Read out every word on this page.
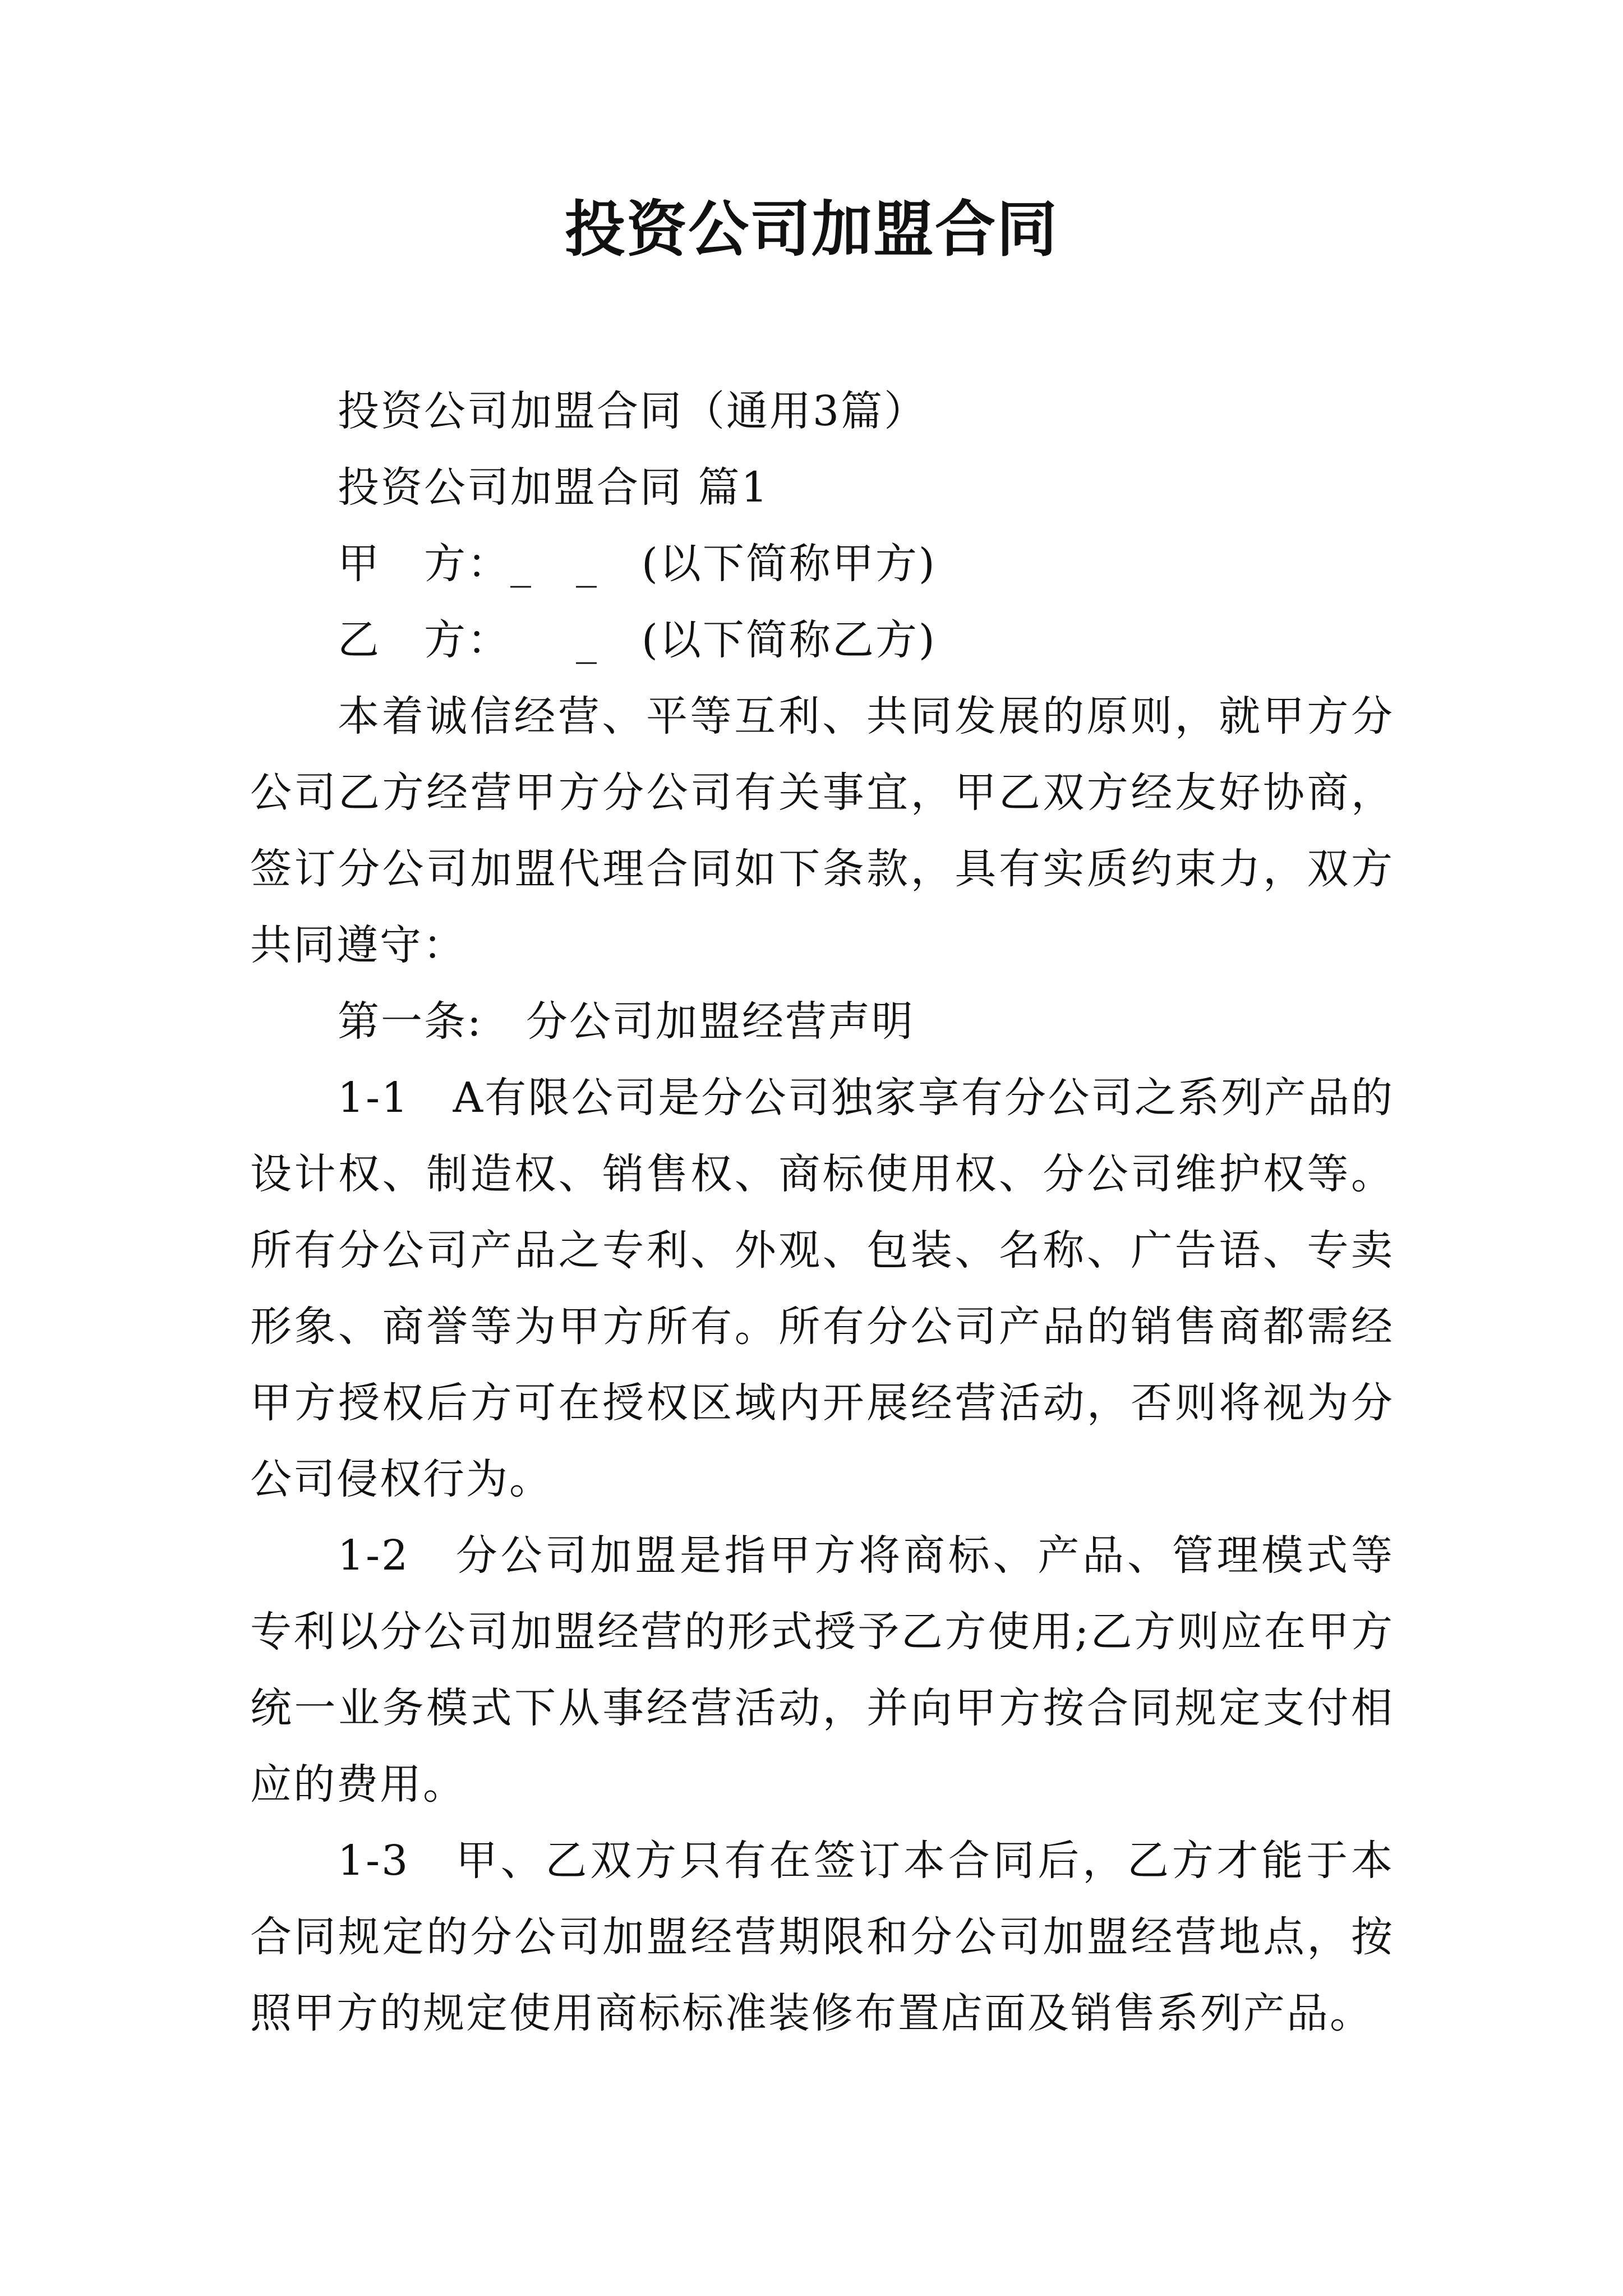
投资公司加盟合同

投资公司加盟合同（通用3篇）

投资公司加盟合同 篇1

甲　方：_　_　(以下简称甲方)

乙　方：　　_　(以下简称乙方)

本着诚信经营、平等互利、共同发展的原则，就甲方分公司乙方经营甲方分公司有关事宜，甲乙双方经友好协商，签订分公司加盟代理合同如下条款，具有实质约束力，双方共同遵守：

第一条:　分公司加盟经营声明

1-1　A有限公司是分公司独家享有分公司之系列产品的设计权、制造权、销售权、商标使用权、分公司维护权等。所有分公司产品之专利、外观、包装、名称、广告语、专卖形象、商誉等为甲方所有。所有分公司产品的销售商都需经甲方授权后方可在授权区域内开展经营活动，否则将视为分公司侵权行为。

1-2　分公司加盟是指甲方将商标、产品、管理模式等专利以分公司加盟经营的形式授予乙方使用;乙方则应在甲方统一业务模式下从事经营活动，并向甲方按合同规定支付相应的费用。

1-3　甲、乙双方只有在签订本合同后，乙方才能于本合同规定的分公司加盟经营期限和分公司加盟经营地点，按照甲方的规定使用商标标准装修布置店面及销售系列产品。
